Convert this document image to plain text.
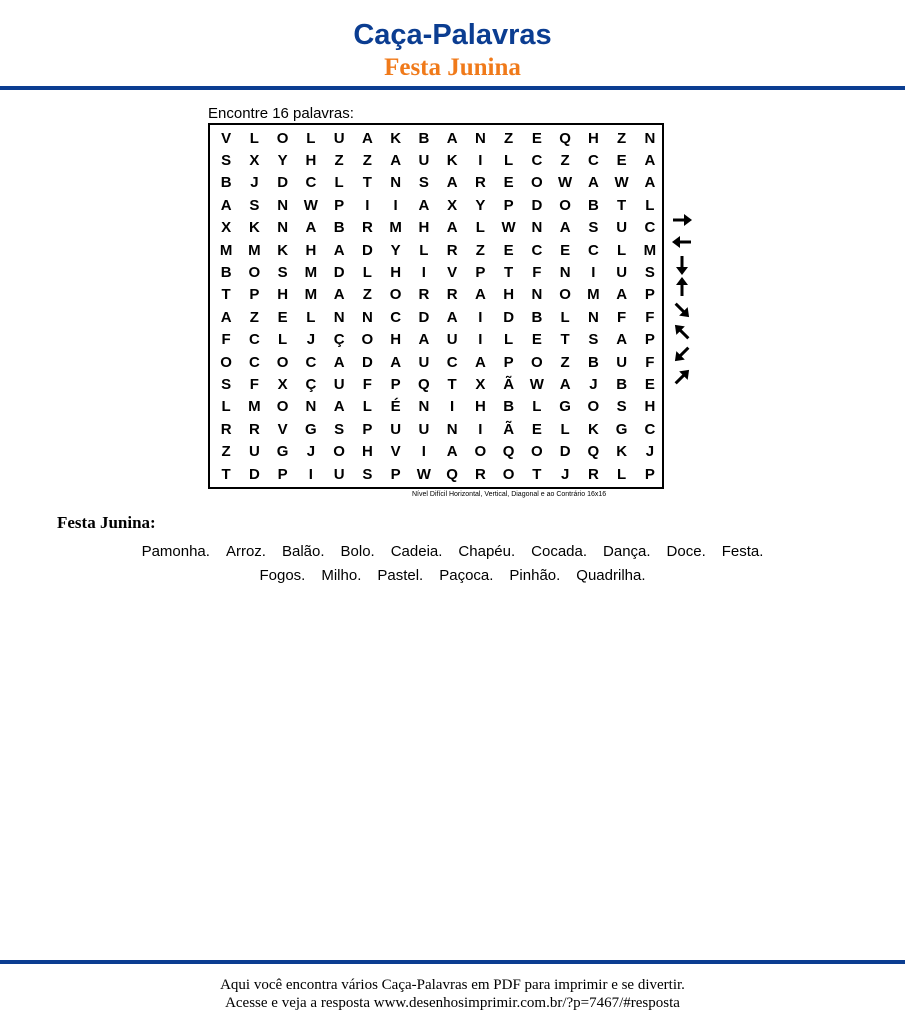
Caça-Palavras
Festa Junina
Encontre 16 palavras:
V	L	O	L	U	A	K	B	A	N	Z	E	Q	H	Z	N
S	X	Y	H	Z	Z	A	U	K	I	L	C	Z	C	E	A
B	J	D	C	L	T	N	S	A	R	E	O	W	A	W	A
A	S	N	W	P	I	I	A	X	Y	P	D	O	B	T	L
X	K	N	A	B	R	M	H	A	L	W	N	A	S	U	C
M	M	K	H	A	D	Y	L	R	Z	E	C	E	C	L	M
B	O	S	M	D	L	H	I	V	P	T	F	N	I	U	S
T	P	H	M	A	Z	O	R	R	A	H	N	O	M	A	P
A	Z	E	L	N	N	C	D	A	I	D	B	L	N	F	F
F	C	L	J	Ç	O	H	A	U	I	L	E	T	S	A	P
O	C	O	C	A	D	A	U	C	A	P	O	Z	B	U	F
S	F	X	Ç	U	F	P	Q	T	X	Ã	W	A	J	B	E
L	M	O	N	A	L	É	N	I	H	B	L	G	O	S	H
R	R	V	G	S	P	U	U	N	I	Ã	E	L	K	G	C
Z	U	G	J	O	H	V	I	A	O	Q	O	D	Q	K	J
T	D	P	I	U	S	P	W	Q	R	O	T	J	R	L	P
Nível Difícil Horizontal, Vertical, Diagonal e ao Contrário 16x16
Festa Junina:
Pamonha. Arroz. Balão. Bolo. Cadeia. Chapéu. Cocada. Dança. Doce. Festa.
Fogos. Milho. Pastel. Paçoca. Pinhão. Quadrilha.
Aqui você encontra vários Caça-Palavras em PDF para imprimir e se divertir.
Acesse e veja a resposta www.desenhosimprimir.com.br/?p=7467/#resposta
